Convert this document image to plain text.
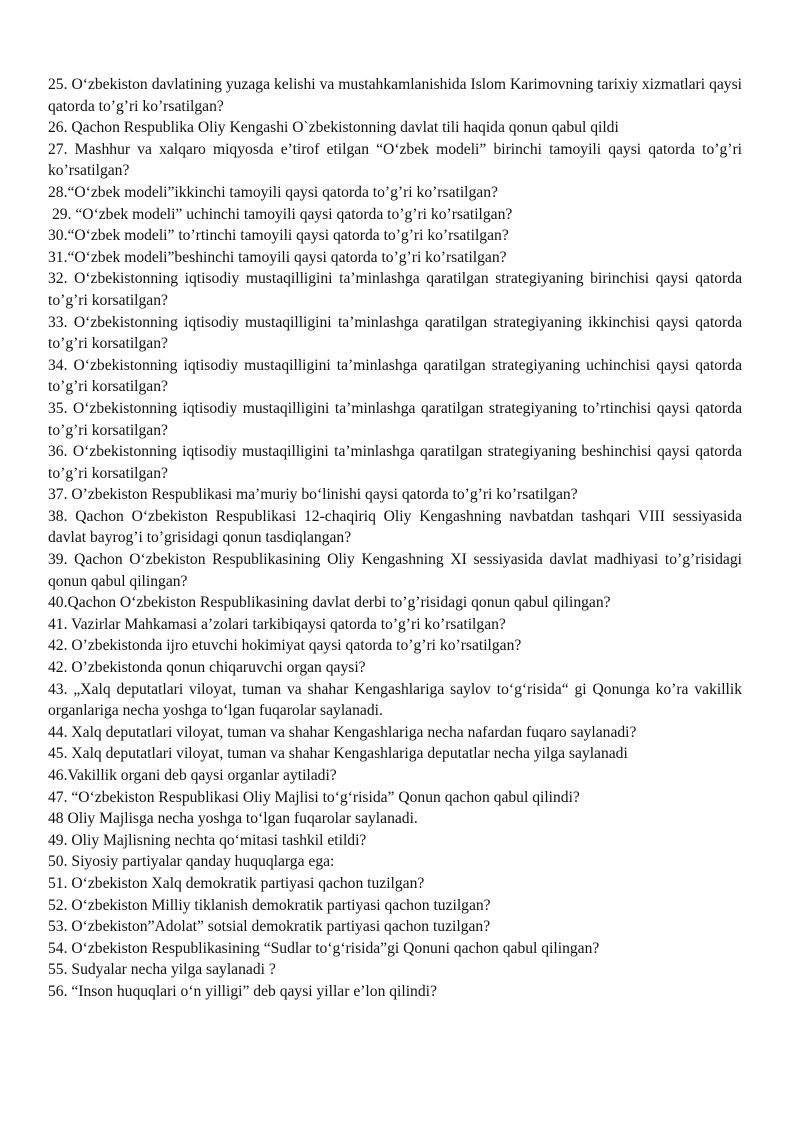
25. O‘zbekiston davlatining yuzaga kelishi va mustahkamlanishida Islom Karimovning tarixiy xizmatlari qaysi qatorda to’g’ri ko’rsatilgan?

26. Qachon Respublika Oliy Kengashi O`zbekistonning davlat tili haqida qonun qabul qildi

27. Mashhur va xalqaro miqyosda e’tirof etilgan “O‘zbek modeli” birinchi tamoyili qaysi qatorda to’g’ri ko’rsatilgan?

28.“O‘zbek modeli”ikkinchi tamoyili qaysi qatorda to’g’ri ko’rsatilgan?

29. “O‘zbek modeli” uchinchi tamoyili qaysi qatorda to’g’ri ko’rsatilgan?

30.“O‘zbek modeli” to’rtinchi tamoyili qaysi qatorda to’g’ri ko’rsatilgan?

31.“O‘zbek modeli”beshinchi tamoyili qaysi qatorda to’g’ri ko’rsatilgan?

32. O‘zbekistonning iqtisodiy mustaqilligini ta’minlashga qaratilgan strategiyaning birinchisi qaysi qatorda to’g’ri korsatilgan?

33. O‘zbekistonning iqtisodiy mustaqilligini ta’minlashga qaratilgan strategiyaning ikkinchisi qaysi qatorda to’g’ri korsatilgan?

34. O‘zbekistonning iqtisodiy mustaqilligini ta’minlashga qaratilgan strategiyaning uchinchisi qaysi qatorda to’g’ri korsatilgan?

35. O‘zbekistonning iqtisodiy mustaqilligini ta’minlashga qaratilgan strategiyaning to’rtinchisi qaysi qatorda to’g’ri korsatilgan?

36. O‘zbekistonning iqtisodiy mustaqilligini ta’minlashga qaratilgan strategiyaning beshinchisi qaysi qatorda to’g’ri korsatilgan?

37. O’zbekiston Respublikasi ma’muriy bo‘linishi qaysi qatorda to’g’ri ko’rsatilgan?

38. Qachon O‘zbekiston Respublikasi 12-chaqiriq Oliy Kengashning navbatdan tashqari VIII sessiyasida davlat bayrog’i to’grisidagi qonun tasdiqlangan?

39. Qachon O‘zbekiston Respublikasining Oliy Kengashning XI sessiyasida davlat madhiyasi to’g’risidagi qonun qabul qilingan?

40.Qachon O‘zbekiston Respublikasining davlat derbi to’g’risidagi qonun qabul qilingan?

41. Vazirlar Mahkamasi a’zolari tarkibiqaysi qatorda to’g’ri ko’rsatilgan?

42. O’zbekistonda ijro etuvchi hokimiyat qaysi qatorda to’g’ri ko’rsatilgan?

42. O’zbekistonda qonun chiqaruvchi organ qaysi?

43. „Xalq deputatlari viloyat, tuman va shahar Kengashlariga saylov to‘g‘risida“ gi Qonunga ko’ra vakillik organlariga necha yoshga to‘lgan fuqarolar saylanadi.

44. Xalq deputatlari viloyat, tuman va shahar Kengashlariga necha nafardan fuqaro saylanadi?

45. Xalq deputatlari viloyat, tuman va shahar Kengashlariga deputatlar necha yilga saylanadi

46.Vakillik organi deb qaysi organlar aytiladi?

47. “O‘zbekiston Respublikasi Oliy Majlisi to‘g‘risida” Qonun qachon qabul qilindi?

48 Oliy Majlisga necha yoshga to‘lgan fuqarolar saylanadi.

49. Oliy Majlisning nechta qo‘mitasi tashkil etildi?

50. Siyosiy partiyalar qanday huquqlarga ega:

51. O‘zbekiston Xalq demokratik partiyasi qachon tuzilgan?

52. O‘zbekiston Milliy tiklanish demokratik partiyasi qachon tuzilgan?

53. O‘zbekiston”Adolat” sotsial demokratik partiyasi qachon tuzilgan?

54. O‘zbekiston Respublikasining “Sudlar to‘g‘risida”gi Qonuni qachon qabul qilingan?

55. Sudyalar necha yilga saylanadi ?

56. “Inson huquqlari o‘n yilligi” deb qaysi yillar e’lon qilindi?
